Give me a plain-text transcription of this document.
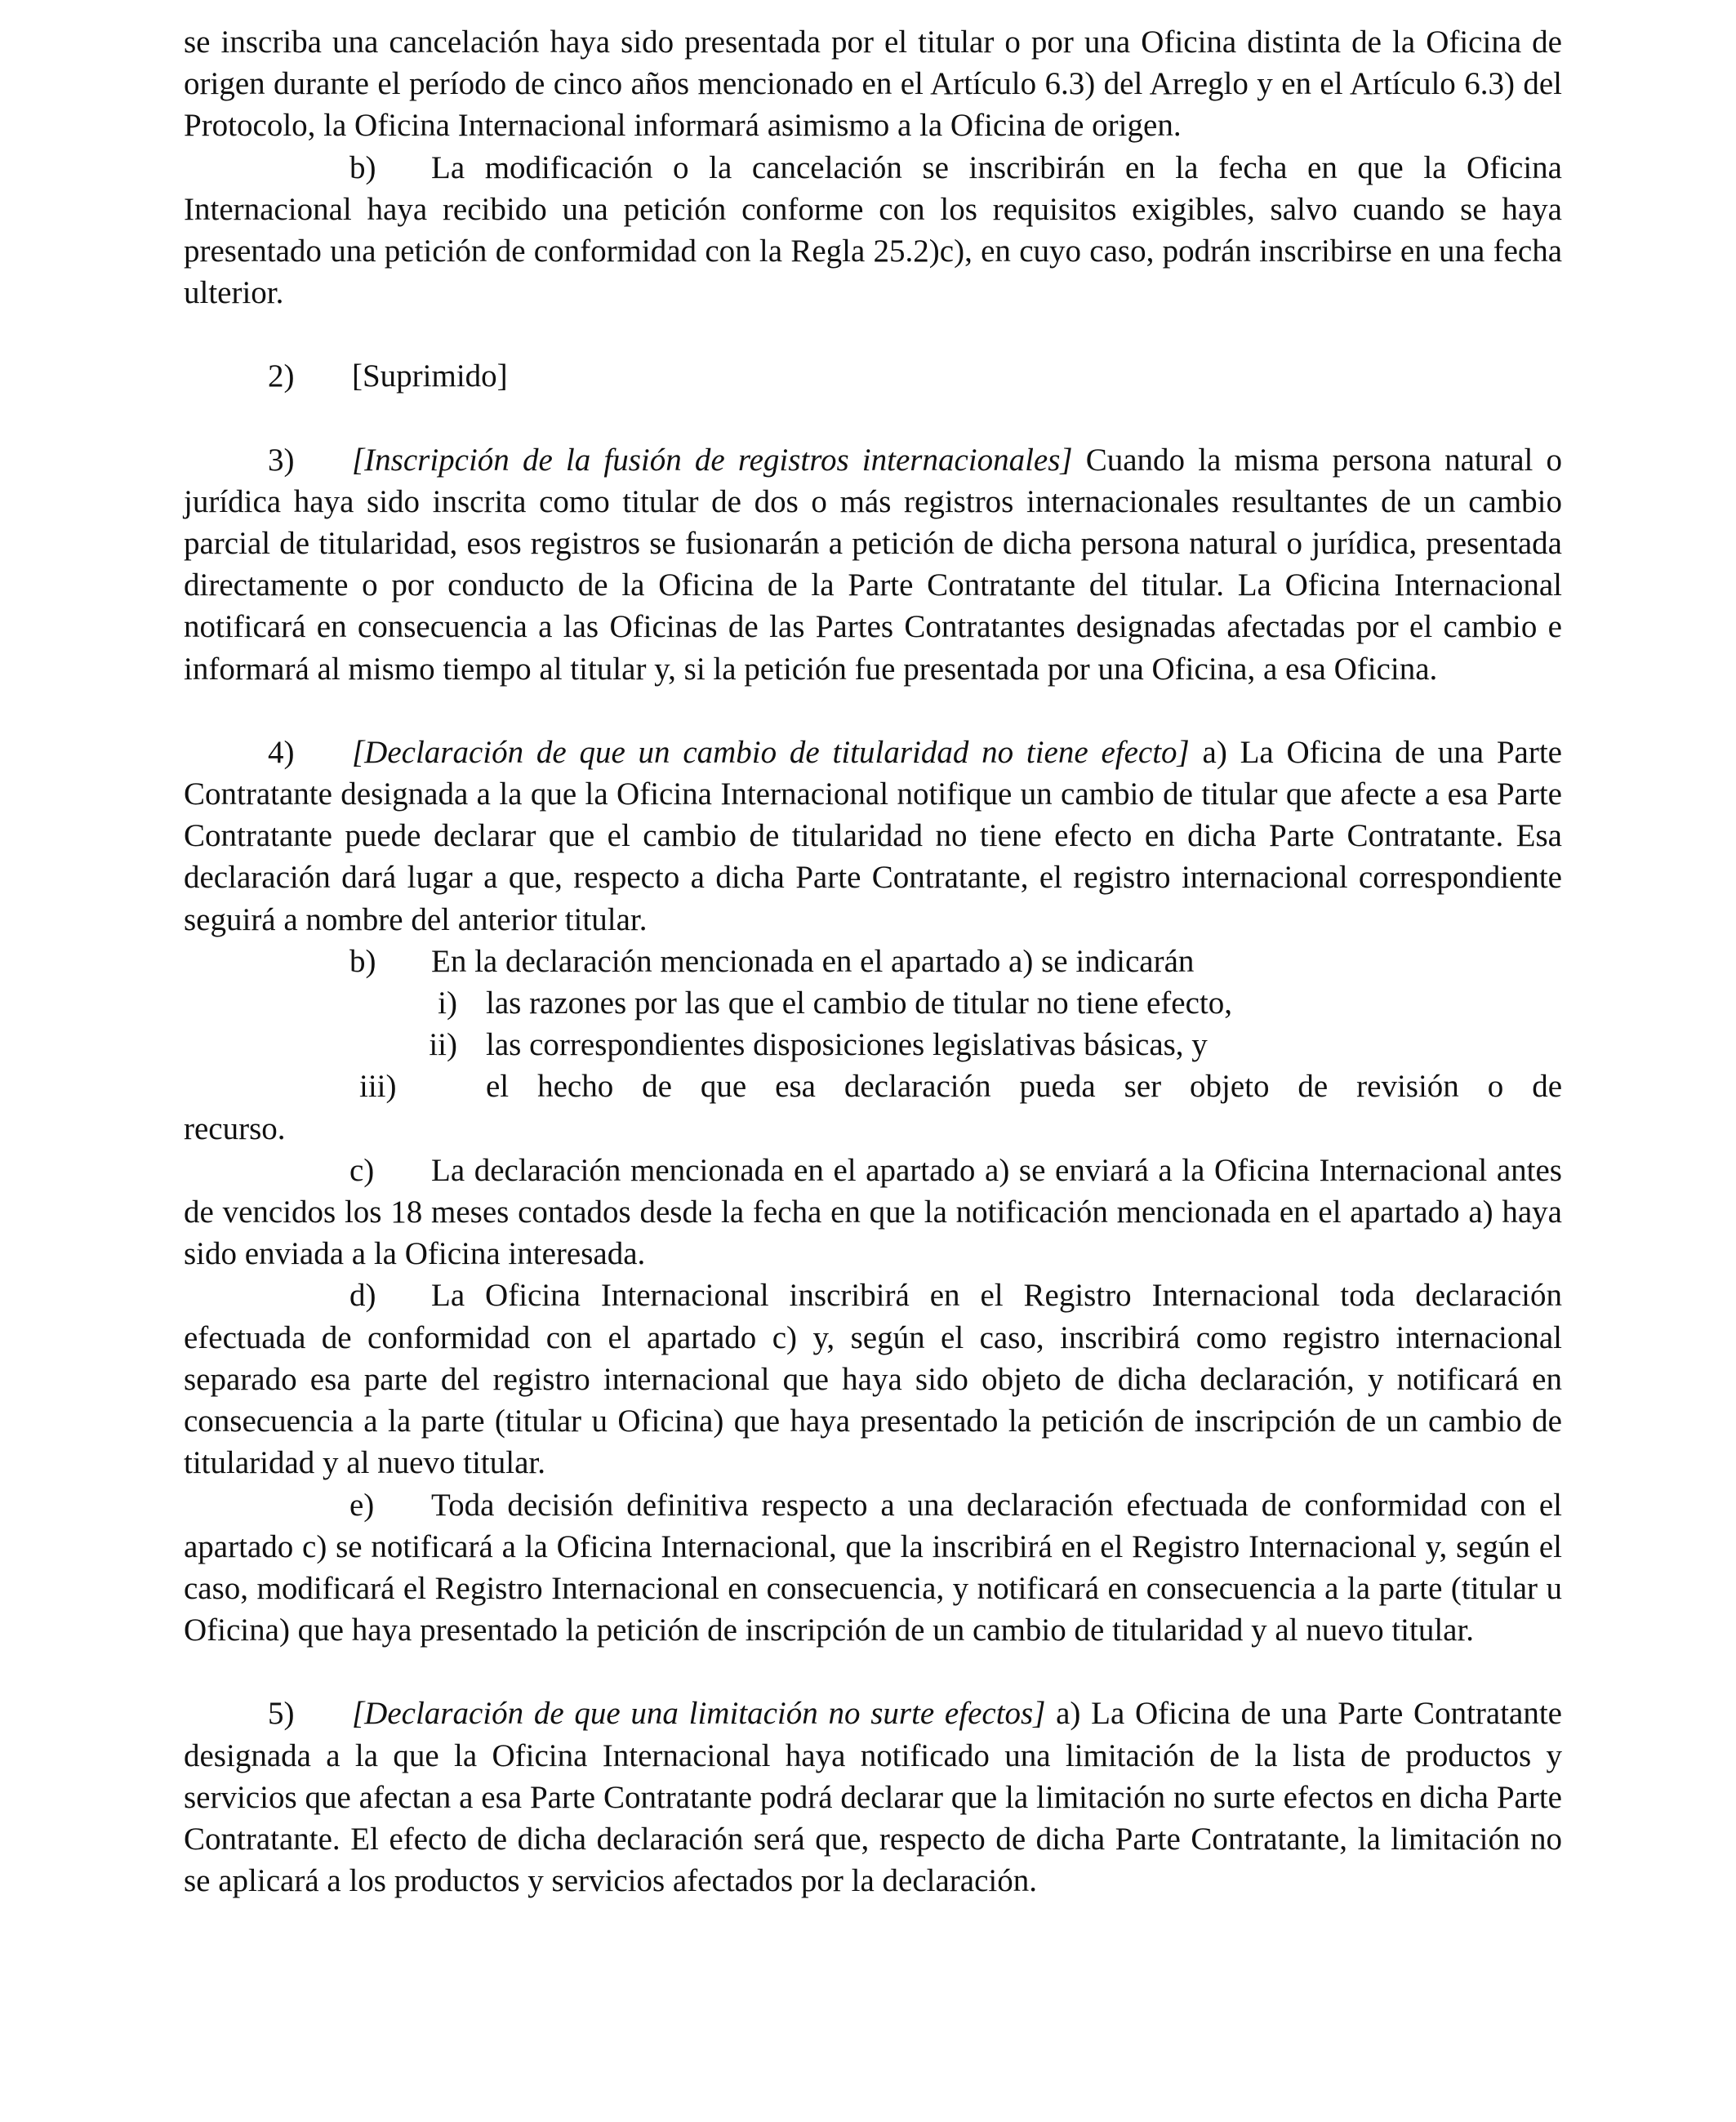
se inscriba una cancelación haya sido presentada por el titular o por una Oficina distinta de la Oficina de origen durante el período de cinco años mencionado en el Artículo 6.3) del Arreglo y en el Artículo 6.3) del Protocolo, la Oficina Internacional informará asimismo a la Oficina de origen.

b) La modificación o la cancelación se inscribirán en la fecha en que la Oficina Internacional haya recibido una petición conforme con los requisitos exigibles, salvo cuando se haya presentado una petición de conformidad con la Regla 25.2)c), en cuyo caso, podrán inscribirse en una fecha ulterior.

2) [Suprimido]

3) [Inscripción de la fusión de registros internacionales] Cuando la misma persona natural o jurídica haya sido inscrita como titular de dos o más registros internacionales resultantes de un cambio parcial de titularidad, esos registros se fusionarán a petición de dicha persona natural o jurídica, presentada directamente o por conducto de la Oficina de la Parte Contratante del titular. La Oficina Internacional notificará en consecuencia a las Oficinas de las Partes Contratantes designadas afectadas por el cambio e informará al mismo tiempo al titular y, si la petición fue presentada por una Oficina, a esa Oficina.

4) [Declaración de que un cambio de titularidad no tiene efecto] a) La Oficina de una Parte Contratante designada a la que la Oficina Internacional notifique un cambio de titular que afecte a esa Parte Contratante puede declarar que el cambio de titularidad no tiene efecto en dicha Parte Contratante. Esa declaración dará lugar a que, respecto a dicha Parte Contratante, el registro internacional correspondiente seguirá a nombre del anterior titular.

b) En la declaración mencionada en el apartado a) se indicarán

i) las razones por las que el cambio de titular no tiene efecto,

ii) las correspondientes disposiciones legislativas básicas, y

iii)	el hecho de que esa declaración pueda ser objeto de revisión o de

recurso.

c) La declaración mencionada en el apartado a) se enviará a la Oficina Internacional antes de vencidos los 18 meses contados desde la fecha en que la notificación mencionada en el apartado a) haya sido enviada a la Oficina interesada.

d) La Oficina Internacional inscribirá en el Registro Internacional toda declaración efectuada de conformidad con el apartado c) y, según el caso, inscribirá como registro internacional separado esa parte del registro internacional que haya sido objeto de dicha declaración, y notificará en consecuencia a la parte (titular u Oficina) que haya presentado la petición de inscripción de un cambio de titularidad y al nuevo titular.

e) Toda decisión definitiva respecto a una declaración efectuada de conformidad con el apartado c) se notificará a la Oficina Internacional, que la inscribirá en el Registro Internacional y, según el caso, modificará el Registro Internacional en consecuencia, y notificará en consecuencia a la parte (titular u Oficina) que haya presentado la petición de inscripción de un cambio de titularidad y al nuevo titular.

5) [Declaración de que una limitación no surte efectos] a) La Oficina de una Parte Contratante designada a la que la Oficina Internacional haya notificado una limitación de la lista de productos y servicios que afectan a esa Parte Contratante podrá declarar que la limitación no surte efectos en dicha Parte Contratante. El efecto de dicha declaración será que, respecto de dicha Parte Contratante, la limitación no se aplicará a los productos y servicios afectados por la declaración.
